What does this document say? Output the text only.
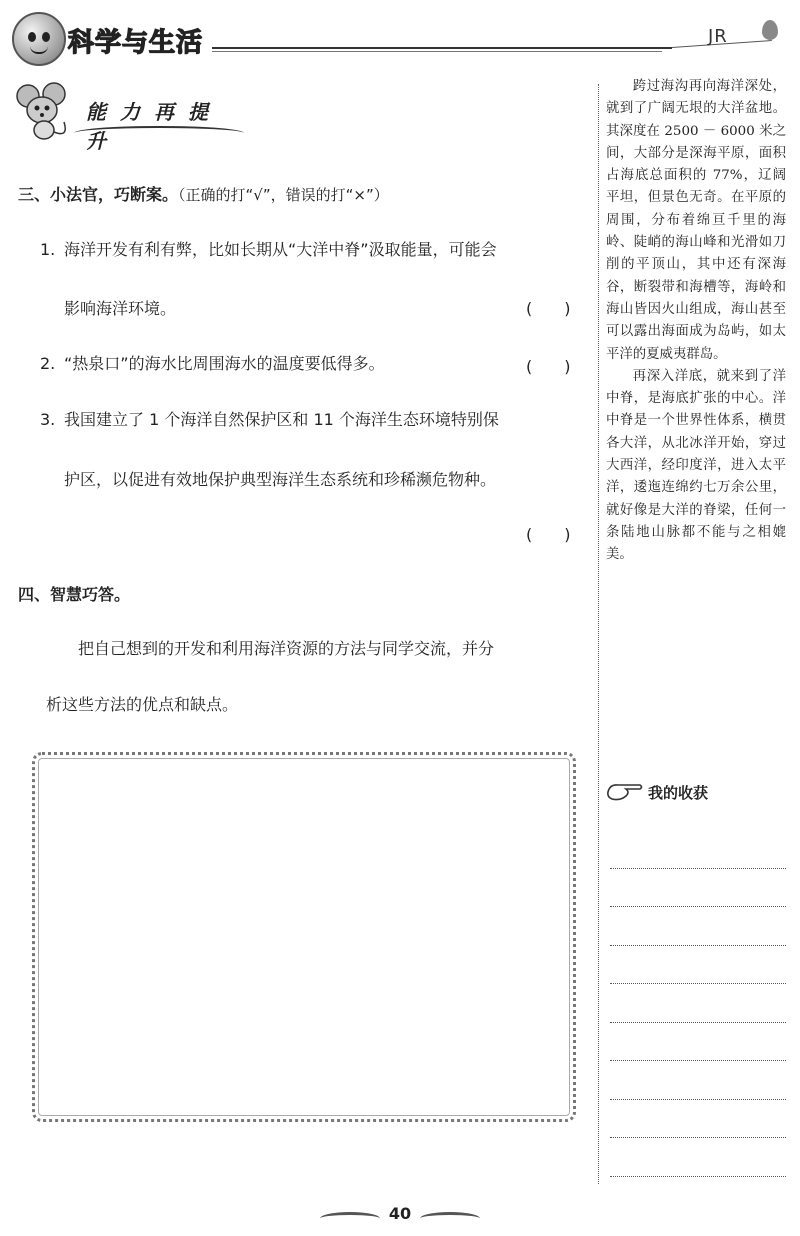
科学与生活	JR
能力再提升
三、小法官，巧断案。（正确的打“√”，错误的打“×”）
1. 海洋开发有利有弊，比如长期从“大洋中脊”汲取能量，可能会
影响海洋环境。	(　　)
2. “热泉口”的海水比周围海水的温度要低得多。	(　　)
3. 我国建立了 1 个海洋自然保护区和 11 个海洋生态环境特别保
护区，以促进有效地保护典型海洋生态系统和珍稀濒危物种。
(　　)
四、智慧巧答。
把自己想到的开发和利用海洋资源的方法与同学交流，并分
析这些方法的优点和缺点。

跨过海沟再向海洋深处，就到了广阔无垠的大洋盆地。其深度在 2500 － 6000 米之间，大部分是深海平原，面积占海底总面积的 77%，辽阔平坦，但景色无奇。在平原的周围，分布着绵亘千里的海岭、陡峭的海山峰和光滑如刀削的平顶山，其中还有深海谷，断裂带和海槽等，海岭和海山皆因火山组成，海山甚至可以露出海面成为岛屿，如太平洋的夏威夷群岛。

再深入洋底，就来到了洋中脊，是海底扩张的中心。洋中脊是一个世界性体系，横贯各大洋，从北冰洋开始，穿过大西洋，经印度洋，进入太平洋，逶迤连绵约七万余公里，就好像是大洋的脊梁，任何一条陆地山脉都不能与之相媲美。

我的收获
40
